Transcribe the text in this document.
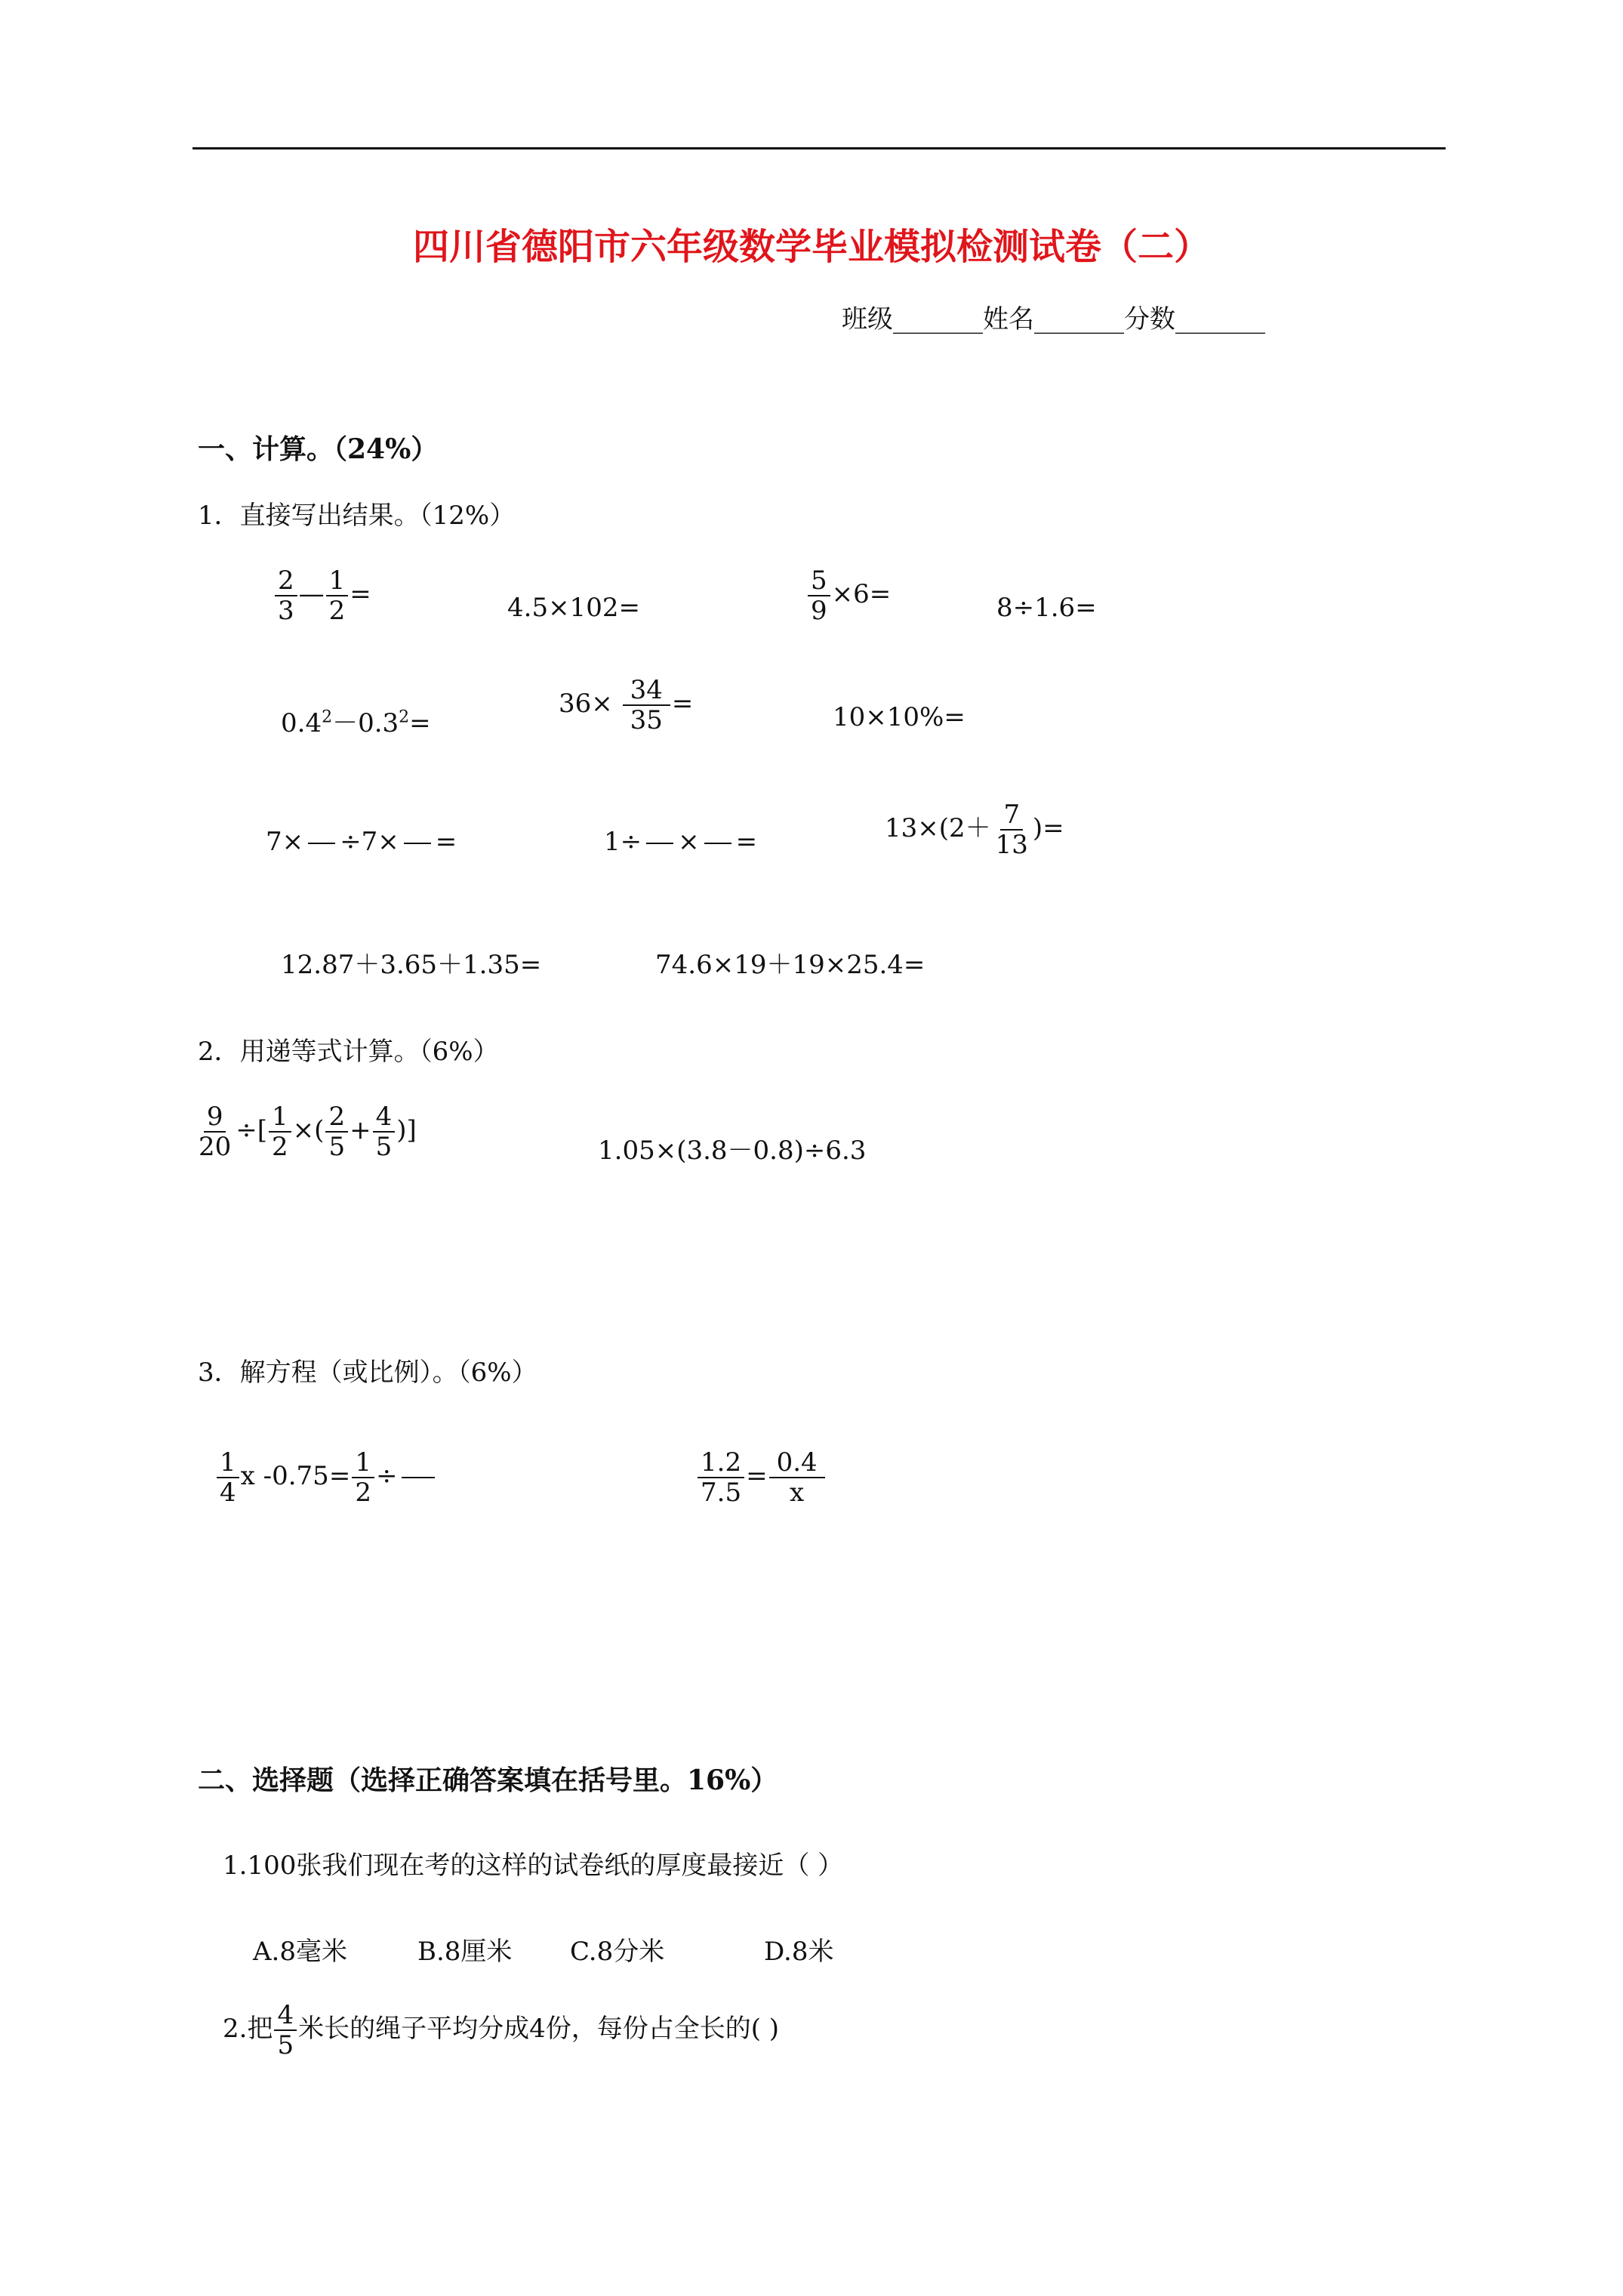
四川省德阳市六年级数学毕业模拟检测试卷（二）
班级_______姓名_______分数_______
一、计算。（24%）
1．直接写出结果。（12%）
$\frac{2}{3}$ — $\frac{1}{2}$ =	4.5×102=	$\frac{5}{9} \times 6=$	8÷1.6=
$0.4^2-0.3^2=$
$36\times \frac{34}{35}$ =	10×10%=
7× ÷7× =	1÷ × =	$13\times(2+ \frac{7}{13}$ )=
12.87＋3.65＋1.35=	74.6×19＋19×25.4=
2．用递等式计算。（6%）
$\frac{9}{20}$ ÷[ $\frac{1}{2}$ ×( $\frac{2}{5} + \frac{4}{5}$ )]
1.05×(3.8－0.8)÷6.3
3．解方程（或比例）。（6%）
$\frac{1}{4}$ x $-0.75= \frac{1}{2}$ ÷	$\frac{1.2}{7.5} = \frac{0.4}{x}$
二、选择题（选择正确答案填在括号里。16%）
1.100张我们现在考的这样的试卷纸的厚度最接近（ ）
A.8毫米	B.8厘米 C.8分米	D.8米
2.把 $\frac{4}{5}$ 米长的绳子平均分成4份，每份占全长的( )
